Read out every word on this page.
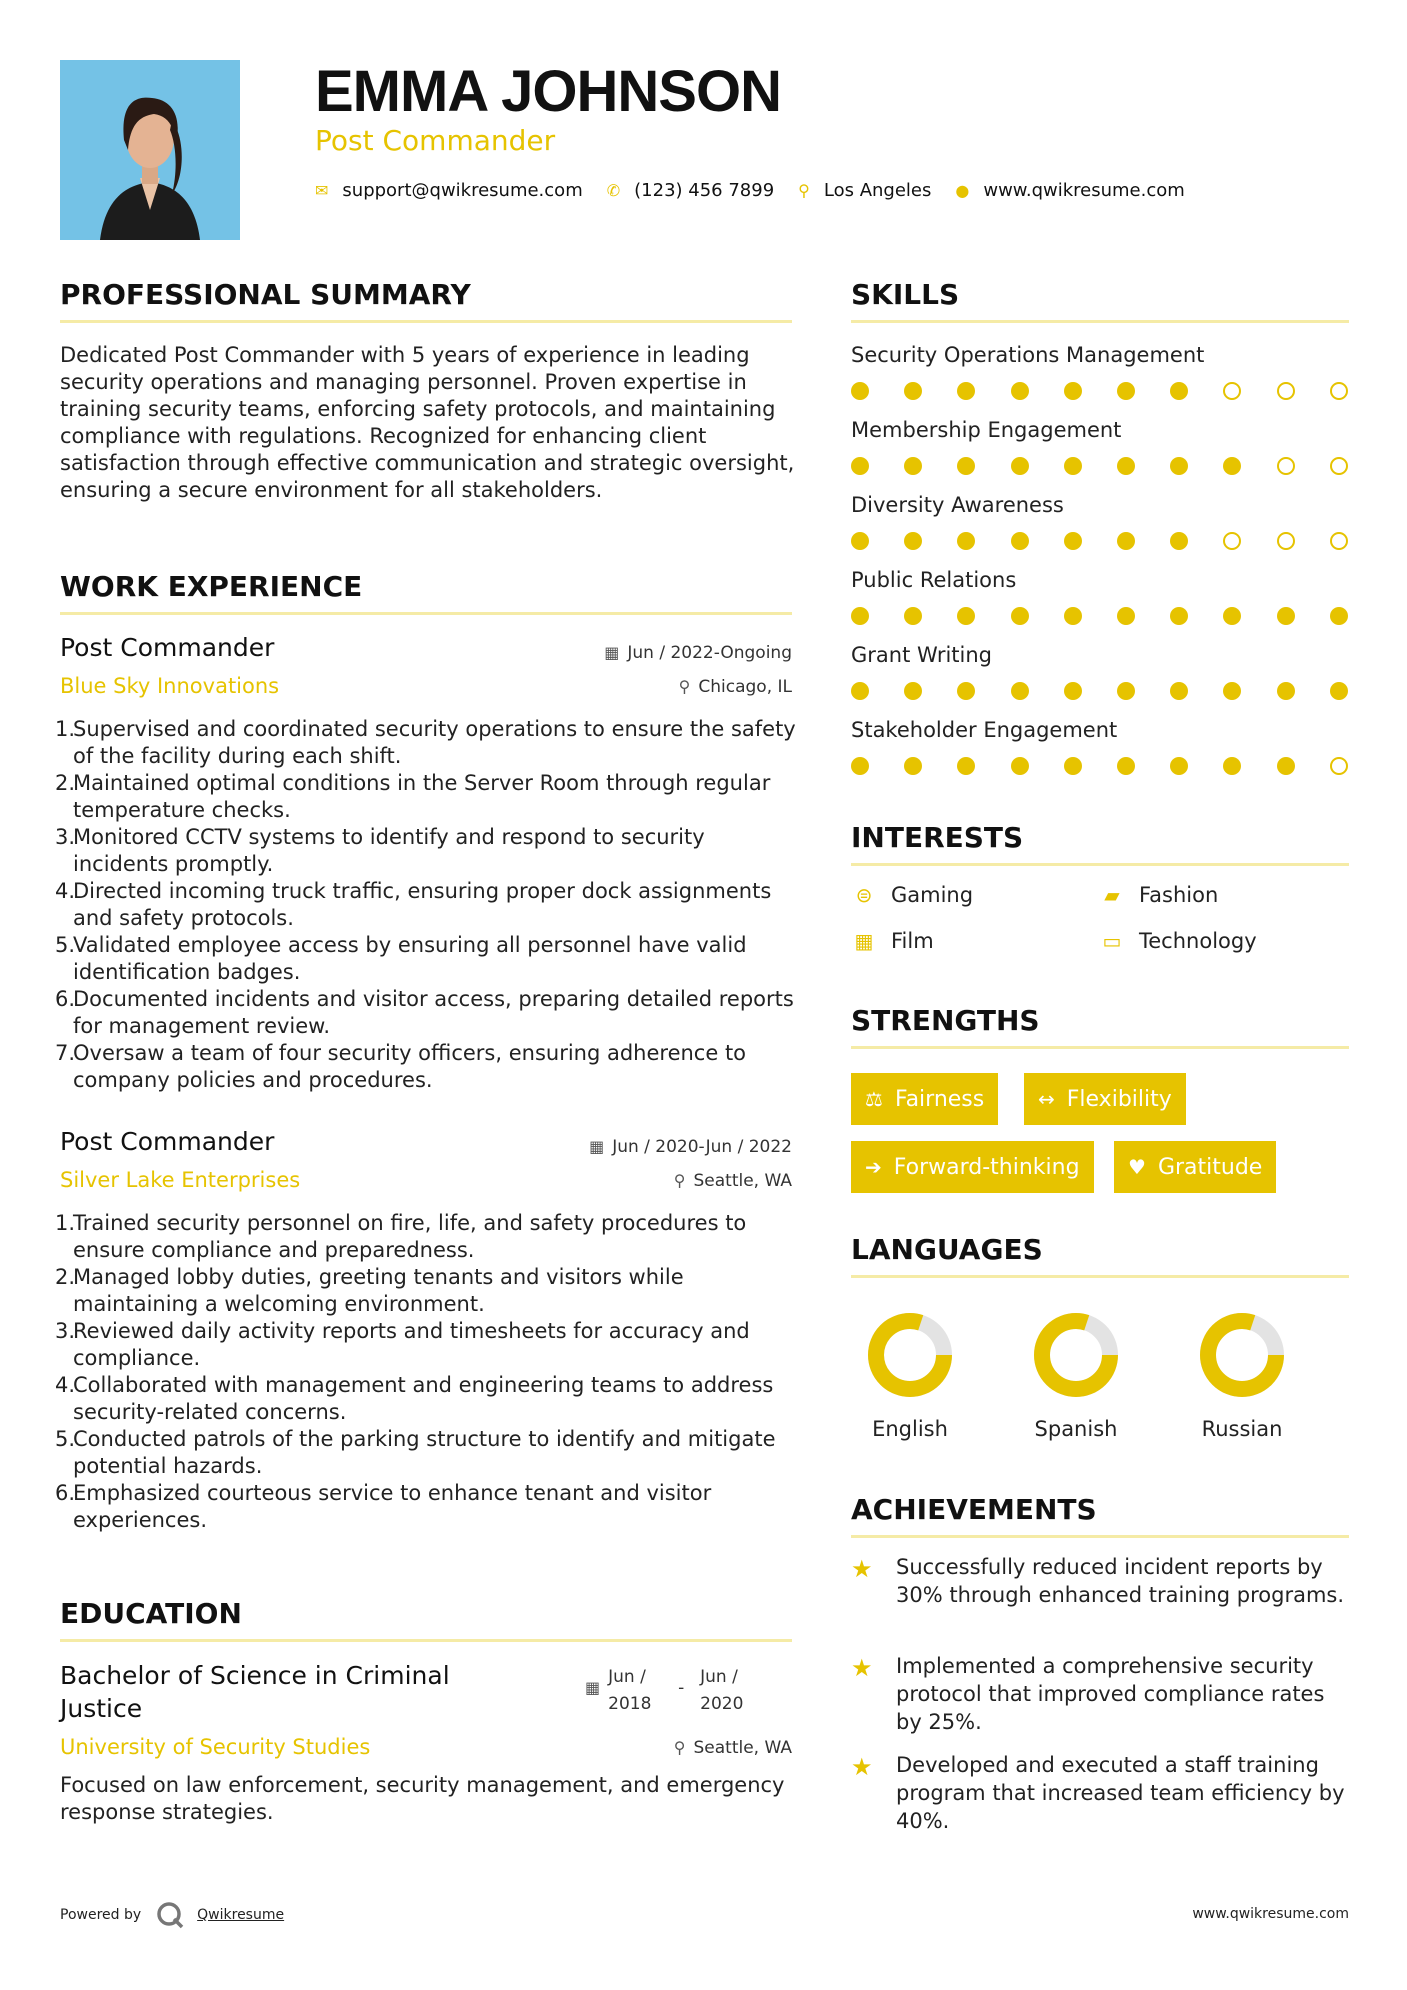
EMMA JOHNSON
Post Commander
✉ support@qwikresume.com ✆ (123) 456 7899 ⚲ Los Angeles ● www.qwikresume.com
PROFESSIONAL SUMMARY
Dedicated Post Commander with 5 years of experience in leading security operations and managing personnel. Proven expertise in training security teams, enforcing safety protocols, and maintaining compliance with regulations. Recognized for enhancing client satisfaction through effective communication and strategic oversight, ensuring a secure environment for all stakeholders.
WORK EXPERIENCE
Post Commander	▦ Jun / 2022-Ongoing
Blue Sky Innovations	⚲ Chicago, IL
1.
Supervised and coordinated security operations to ensure the safety of the facility during each shift.
2.
Maintained optimal conditions in the Server Room through regular temperature checks.
3.
Monitored CCTV systems to identify and respond to security incidents promptly.
4.
Directed incoming truck traffic, ensuring proper dock assignments and safety protocols.
5.
Validated employee access by ensuring all personnel have valid identification badges.
6.
Documented incidents and visitor access, preparing detailed reports for management review.
7.
Oversaw a team of four security officers, ensuring adherence to company policies and procedures.
Post Commander	▦ Jun / 2020-Jun / 2022
Silver Lake Enterprises	⚲ Seattle, WA
1.
Trained security personnel on fire, life, and safety procedures to ensure compliance and preparedness.
2.
Managed lobby duties, greeting tenants and visitors while maintaining a welcoming environment.
3.
Reviewed daily activity reports and timesheets for accuracy and compliance.
4.
Collaborated with management and engineering teams to address security-related concerns.
5.
Conducted patrols of the parking structure to identify and mitigate potential hazards.
6.
Emphasized courteous service to enhance tenant and visitor experiences.
EDUCATION
Bachelor of Science in Criminal Justice
▦
Jun / 2018
-
Jun / 2020
University of Security Studies	⚲ Seattle, WA
Focused on law enforcement, security management, and emergency response strategies.
SKILLS
Security Operations Management
Membership Engagement
Diversity Awareness
Public Relations
Grant Writing
Stakeholder Engagement
INTERESTS
⊜ Gaming	▰ Fashion
▦ Film	▭ Technology
STRENGTHS
⚖ Fairness	↔ Flexibility
➔ Forward-thinking ♥ Gratitude
LANGUAGES
English	Spanish	Russian
ACHIEVEMENTS
★ Successfully reduced incident reports by 30% through enhanced training programs.
★ Implemented a comprehensive security protocol that improved compliance rates by 25%.
★ Developed and executed a staff training program that increased team efficiency by 40%.
Powered by	Qwikresume	www.qwikresume.com
